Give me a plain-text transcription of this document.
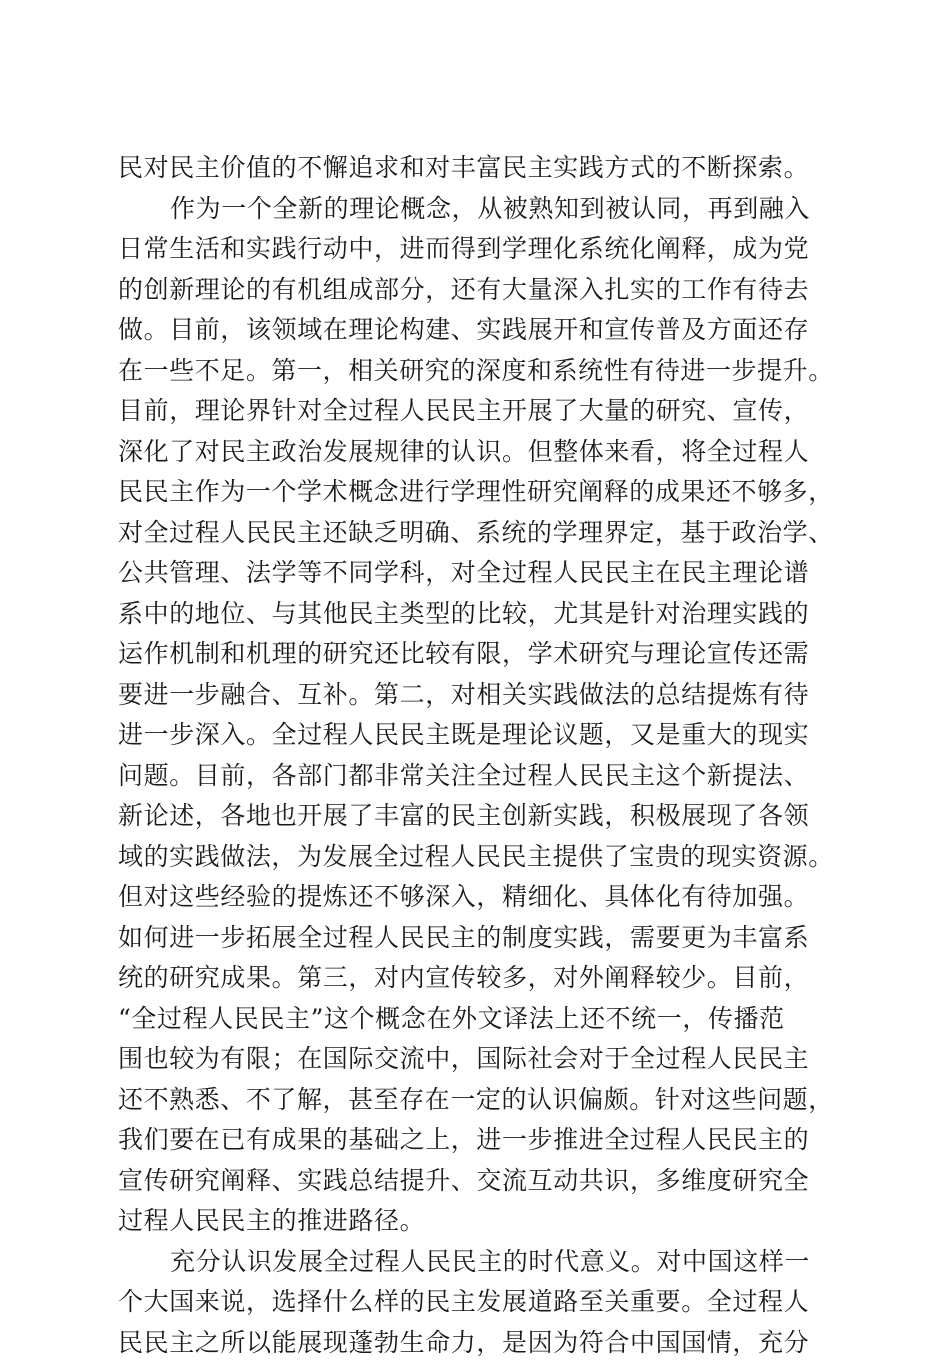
民对民主价值的不懈追求和对丰富民主实践方式的不断探索。
作为一个全新的理论概念，从被熟知到被认同，再到融入
日常生活和实践行动中，进而得到学理化系统化阐释，成为党
的创新理论的有机组成部分，还有大量深入扎实的工作有待去
做。目前，该领域在理论构建、实践展开和宣传普及方面还存
在一些不足。第一，相关研究的深度和系统性有待进一步提升。
目前，理论界针对全过程人民民主开展了大量的研究、宣传，
深化了对民主政治发展规律的认识。但整体来看，将全过程人
民民主作为一个学术概念进行学理性研究阐释的成果还不够多，
对全过程人民民主还缺乏明确、系统的学理界定，基于政治学、
公共管理、法学等不同学科，对全过程人民民主在民主理论谱
系中的地位、与其他民主类型的比较，尤其是针对治理实践的
运作机制和机理的研究还比较有限，学术研究与理论宣传还需
要进一步融合、互补。第二，对相关实践做法的总结提炼有待
进一步深入。全过程人民民主既是理论议题，又是重大的现实
问题。目前，各部门都非常关注全过程人民民主这个新提法、
新论述，各地也开展了丰富的民主创新实践，积极展现了各领
域的实践做法，为发展全过程人民民主提供了宝贵的现实资源。
但对这些经验的提炼还不够深入，精细化、具体化有待加强。
如何进一步拓展全过程人民民主的制度实践，需要更为丰富系
统的研究成果。第三，对内宣传较多，对外阐释较少。目前，
“全过程人民民主”这个概念在外文译法上还不统一，传播范
围也较为有限；在国际交流中，国际社会对于全过程人民民主
还不熟悉、不了解，甚至存在一定的认识偏颇。针对这些问题，
我们要在已有成果的基础之上，进一步推进全过程人民民主的
宣传研究阐释、实践总结提升、交流互动共识，多维度研究全
过程人民民主的推进路径。
充分认识发展全过程人民民主的时代意义。对中国这样一
个大国来说，选择什么样的民主发展道路至关重要。全过程人
民民主之所以能展现蓬勃生命力，是因为符合中国国情，充分
